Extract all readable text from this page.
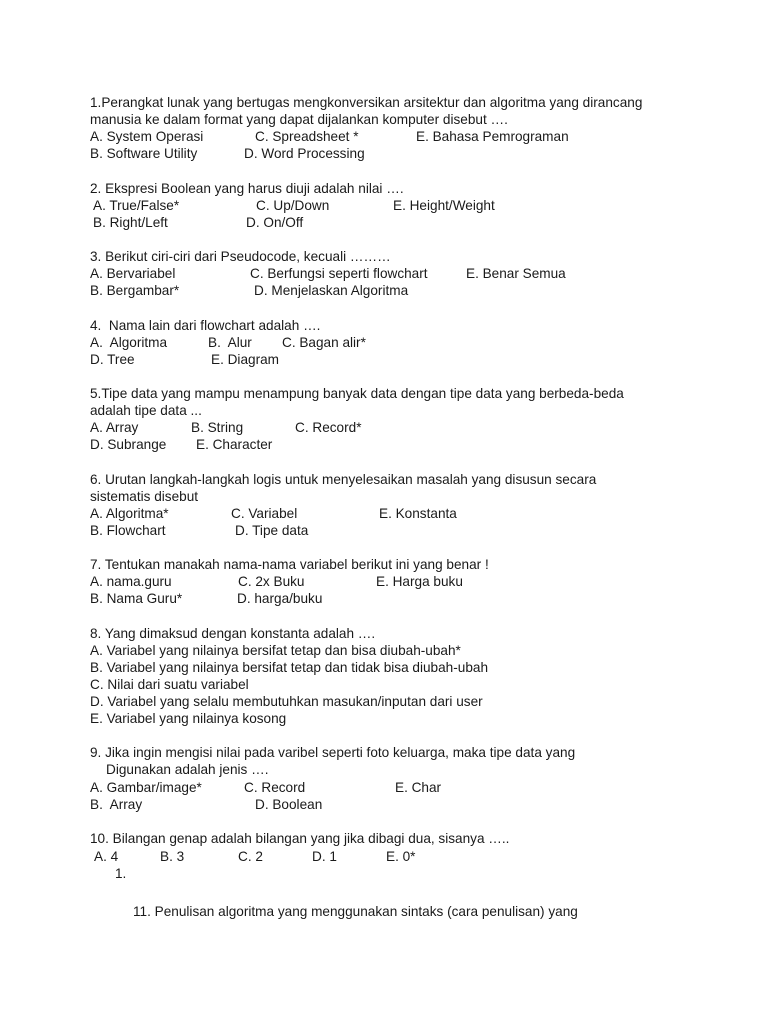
1.Perangkat lunak yang bertugas mengkonversikan arsitektur dan algoritma yang dirancang
manusia ke dalam format yang dapat dijalankan komputer disebut ….
A. System Operasi	C. Spreadsheet *	E. Bahasa Pemrograman
B. Software Utility	D. Word Processing
2. Ekspresi Boolean yang harus diuji adalah nilai ….
A. True/False*	C. Up/Down	E. Height/Weight
B. Right/Left	D. On/Off
3. Berikut ciri-ciri dari Pseudocode, kecuali ………
A. Bervariabel	C. Berfungsi seperti flowchart	E. Benar Semua
B. Bergambar*	D. Menjelaskan Algoritma
4.  Nama lain dari flowchart adalah ….
A.  Algoritma	B.  Alur C. Bagan alir*
D. Tree	E. Diagram
5.Tipe data yang mampu menampung banyak data dengan tipe data yang berbeda-beda
adalah tipe data ...
A. Array	B. String	C. Record*
D. Subrange E. Character
6. Urutan langkah-langkah logis untuk menyelesaikan masalah yang disusun secara
sistematis disebut
A. Algoritma*	C. Variabel	E. Konstanta
B. Flowchart	D. Tipe data
7. Tentukan manakah nama-nama variabel berikut ini yang benar !
A. nama.guru	C. 2x Buku	E. Harga buku
B. Nama Guru*	D. harga/buku
8. Yang dimaksud dengan konstanta adalah ….
A. Variabel yang nilainya bersifat tetap dan bisa diubah-ubah*
B. Variabel yang nilainya bersifat tetap dan tidak bisa diubah-ubah
C. Nilai dari suatu variabel
D. Variabel yang selalu membutuhkan masukan/inputan dari user
E. Variabel yang nilainya kosong
9. Jika ingin mengisi nilai pada varibel seperti foto keluarga, maka tipe data yang
Digunakan adalah jenis ….
A. Gambar/image*	C. Record	E. Char
B.  Array	D. Boolean
10. Bilangan genap adalah bilangan yang jika dibagi dua, sisanya …..
A. 4	B. 3	C. 2	D. 1	E. 0*
1.
11. Penulisan algoritma yang menggunakan sintaks (cara penulisan) yang
